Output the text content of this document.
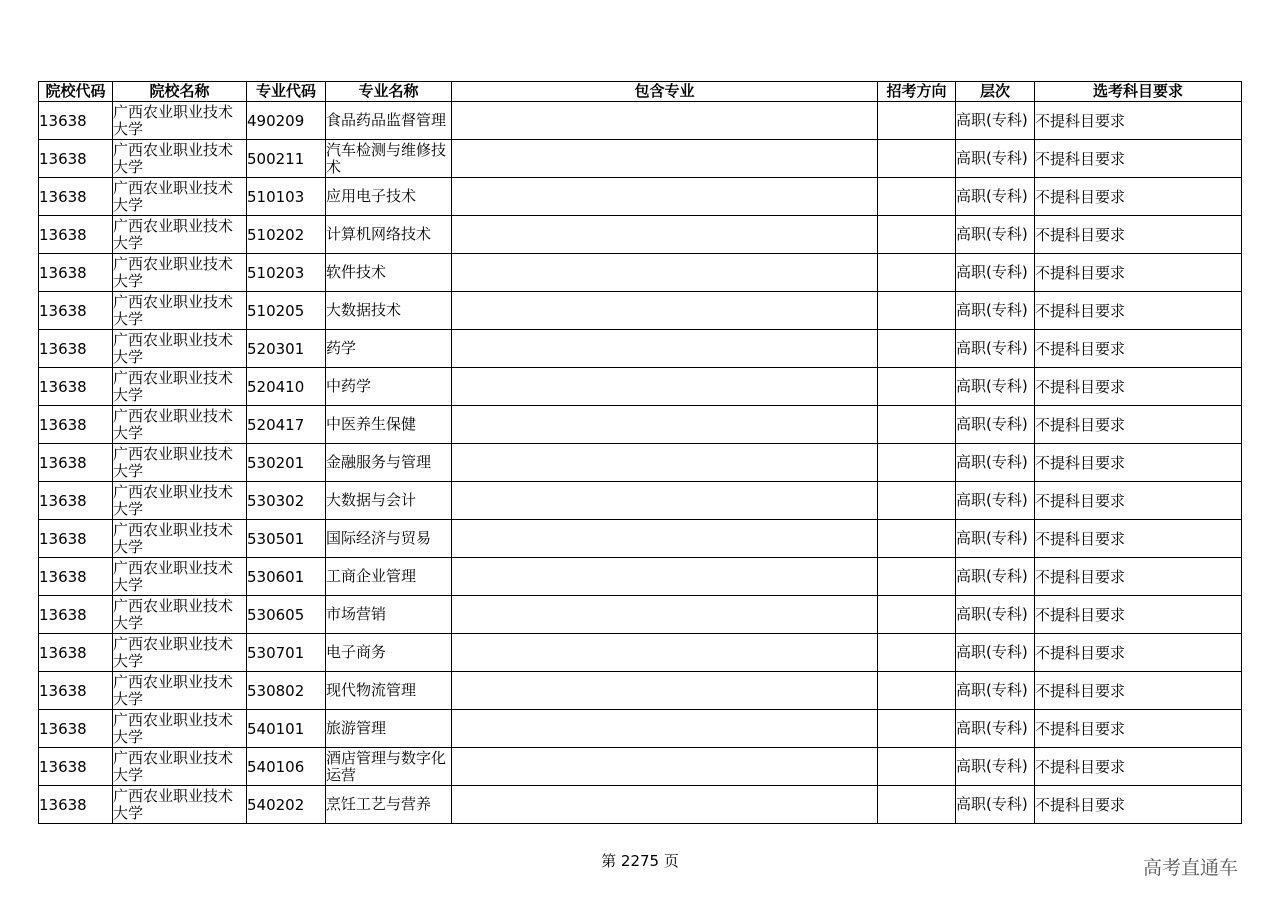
院校代码	院校名称	专业代码	专业名称	包含专业	招考方向	层次	选考科目要求
13638	广西农业职业技术大学	490209	食品药品监督管理			高职(专科)	不提科目要求
13638	广西农业职业技术大学	500211	汽车检测与维修技术			高职(专科)	不提科目要求
13638	广西农业职业技术大学	510103	应用电子技术			高职(专科)	不提科目要求
13638	广西农业职业技术大学	510202	计算机网络技术			高职(专科)	不提科目要求
13638	广西农业职业技术大学	510203	软件技术			高职(专科)	不提科目要求
13638	广西农业职业技术大学	510205	大数据技术			高职(专科)	不提科目要求
13638	广西农业职业技术大学	520301	药学			高职(专科)	不提科目要求
13638	广西农业职业技术大学	520410	中药学			高职(专科)	不提科目要求
13638	广西农业职业技术大学	520417	中医养生保健			高职(专科)	不提科目要求
13638	广西农业职业技术大学	530201	金融服务与管理			高职(专科)	不提科目要求
13638	广西农业职业技术大学	530302	大数据与会计			高职(专科)	不提科目要求
13638	广西农业职业技术大学	530501	国际经济与贸易			高职(专科)	不提科目要求
13638	广西农业职业技术大学	530601	工商企业管理			高职(专科)	不提科目要求
13638	广西农业职业技术大学	530605	市场营销			高职(专科)	不提科目要求
13638	广西农业职业技术大学	530701	电子商务			高职(专科)	不提科目要求
13638	广西农业职业技术大学	530802	现代物流管理			高职(专科)	不提科目要求
13638	广西农业职业技术大学	540101	旅游管理			高职(专科)	不提科目要求
13638	广西农业职业技术大学	540106	酒店管理与数字化运营			高职(专科)	不提科目要求
13638	广西农业职业技术大学	540202	烹饪工艺与营养			高职(专科)	不提科目要求
第 2275 页	高考直通车
